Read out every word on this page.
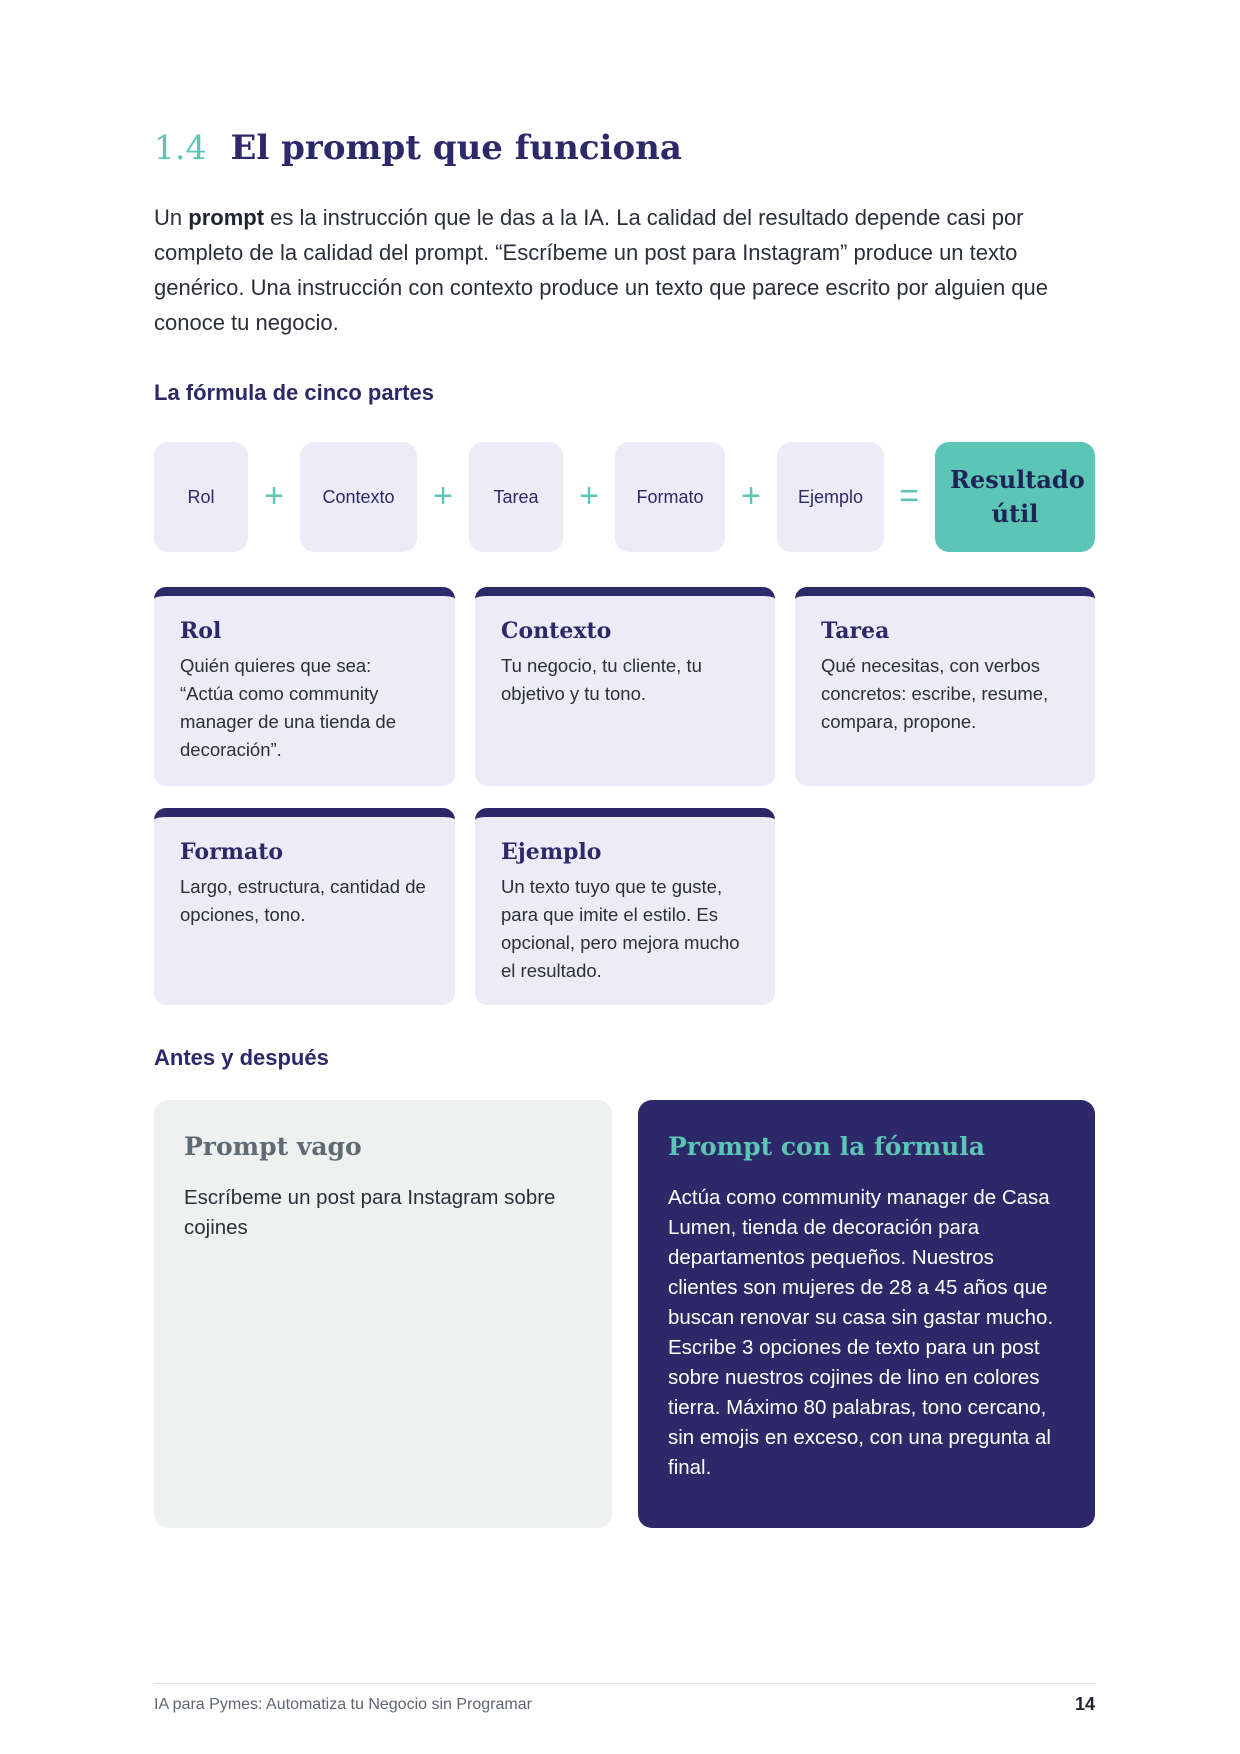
1.4 El prompt que funciona

Un prompt es la instrucción que le das a la IA. La calidad del resultado depende casi por completo de la calidad del prompt. “Escríbeme un post para Instagram” produce un texto genérico. Una instrucción con contexto produce un texto que parece escrito por alguien que conoce tu negocio.

La fórmula de cinco partes
Rol	+	Contexto	+	Tarea	+	Formato	+	Ejemplo	= Resultado útil
Rol
Quién quieres que sea: “Actúa como community manager de una tienda de decoración”.
Contexto
Tu negocio, tu cliente, tu objetivo y tu tono.
Tarea
Qué necesitas, con verbos concretos: escribe, resume, compara, propone.
Formato
Largo, estructura, cantidad de opciones, tono.
Ejemplo
Un texto tuyo que te guste, para que imite el estilo. Es opcional, pero mejora mucho el resultado.
Antes y después
Prompt vago
Escríbeme un post para Instagram sobre cojines
Prompt con la fórmula
Actúa como community manager de Casa Lumen, tienda de decoración para departamentos pequeños. Nuestros clientes son mujeres de 28 a 45 años que buscan renovar su casa sin gastar mucho. Escribe 3 opciones de texto para un post sobre nuestros cojines de lino en colores tierra. Máximo 80 palabras, tono cercano, sin emojis en exceso, con una pregunta al final.
IA para Pymes: Automatiza tu Negocio sin Programar	14
